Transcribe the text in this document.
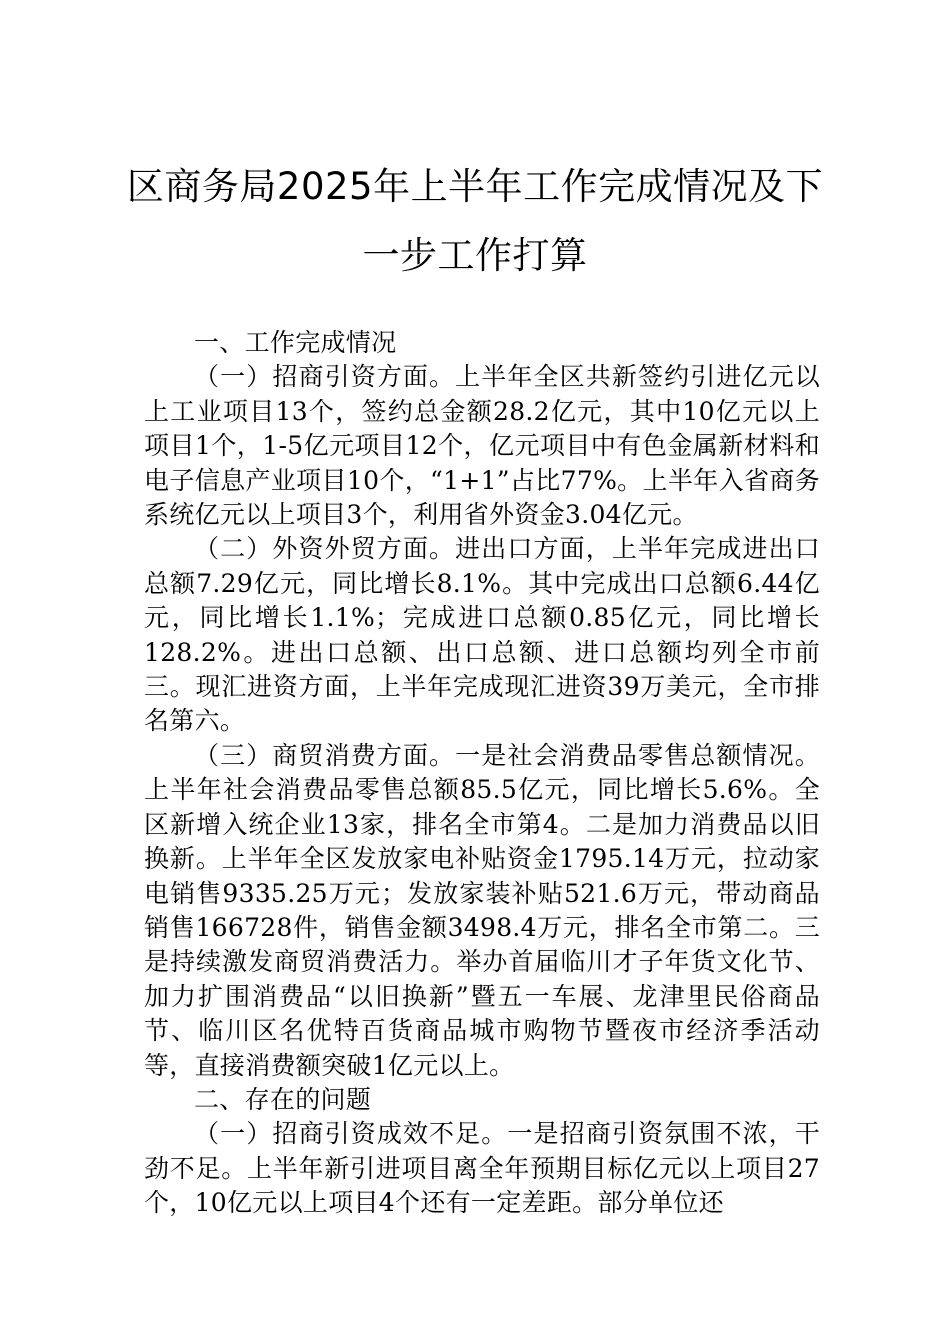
区商务局2025年上半年工作完成情况及下
一步工作打算

一、工作完成情况

（一）招商引资方面。上半年全区共新签约引进亿元以上工业项目13个，签约总金额28.2亿元，其中10亿元以上项目1个，1-5亿元项目12个，亿元项目中有色金属新材料和电子信息产业项目10个，“1+1”占比77%。上半年入省商务系统亿元以上项目3个，利用省外资金3.04亿元。

（二）外资外贸方面。进出口方面，上半年完成进出口总额7.29亿元，同比增长8.1%。其中完成出口总额6.44亿元，同比增长1.1%；完成进口总额0.85亿元，同比增长128.2%。进出口总额、出口总额、进口总额均列全市前三。现汇进资方面，上半年完成现汇进资39万美元，全市排名第六。

（三）商贸消费方面。一是社会消费品零售总额情况。上半年社会消费品零售总额85.5亿元，同比增长5.6%。全区新增入统企业13家，排名全市第4。二是加力消费品以旧换新。上半年全区发放家电补贴资金1795.14万元，拉动家电销售9335.25万元；发放家装补贴521.6万元，带动商品销售166728件，销售金额3498.4万元，排名全市第二。三是持续激发商贸消费活力。举办首届临川才子年货文化节、加力扩围消费品“以旧换新”暨五一车展、龙津里民俗商品节、临川区名优特百货商品城市购物节暨夜市经济季活动等，直接消费额突破1亿元以上。

二、存在的问题

（一）招商引资成效不足。一是招商引资氛围不浓，干劲不足。上半年新引进项目离全年预期目标亿元以上项目27个，10亿元以上项目4个还有一定差距。部分单位还
